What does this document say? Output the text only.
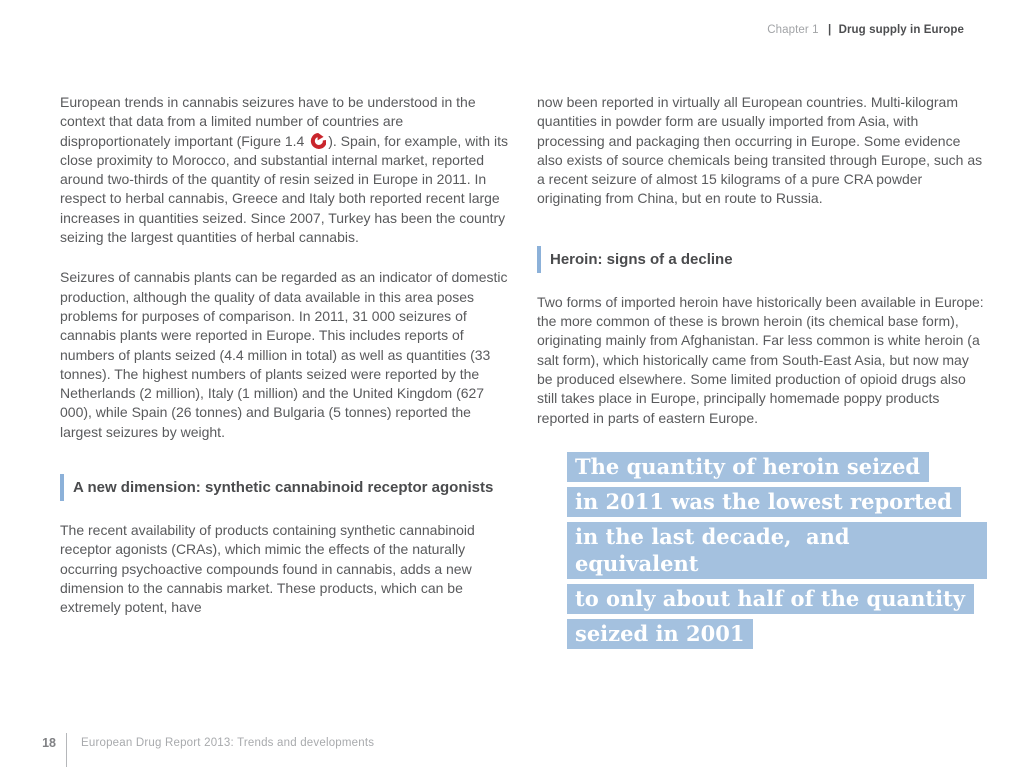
Chapter 1 | Drug supply in Europe

European trends in cannabis seizures have to be understood in the context that data from a limited number of countries are disproportionately important (Figure 1.4 ). Spain, for example, with its close proximity to Morocco, and substantial internal market, reported around two-thirds of the quantity of resin seized in Europe in 2011. In respect to herbal cannabis, Greece and Italy both reported recent large increases in quantities seized. Since 2007, Turkey has been the country seizing the largest quantities of herbal cannabis.

Seizures of cannabis plants can be regarded as an indicator of domestic production, although the quality of data available in this area poses problems for purposes of comparison. In 2011, 31 000 seizures of cannabis plants were reported in Europe. This includes reports of numbers of plants seized (4.4 million in total) as well as quantities (33 tonnes). The highest numbers of plants seized were reported by the Netherlands (2 million), Italy (1 million) and the United Kingdom (627 000), while Spain (26 tonnes) and Bulgaria (5 tonnes) reported the largest seizures by weight.

A new dimension: synthetic cannabinoid receptor agonists

The recent availability of products containing synthetic cannabinoid receptor agonists (CRAs), which mimic the effects of the naturally occurring psychoactive compounds found in cannabis, adds a new dimension to the cannabis market. These products, which can be extremely potent, have

now been reported in virtually all European countries. Multi-kilogram quantities in powder form are usually imported from Asia, with processing and packaging then occurring in Europe. Some evidence also exists of source chemicals being transited through Europe, such as a recent seizure of almost 15 kilograms of a pure CRA powder originating from China, but en route to Russia.

Heroin: signs of a decline

Two forms of imported heroin have historically been available in Europe: the more common of these is brown heroin (its chemical base form), originating mainly from Afghanistan. Far less common is white heroin (a salt form), which historically came from South-East Asia, but now may be produced elsewhere. Some limited production of opioid drugs also still takes place in Europe, principally homemade poppy products reported in parts of eastern Europe.

The quantity of heroin seized
in 2011 was the lowest reported
in the last decade,  and equivalent
to only about half of the quantity
seized in 2001
18 European Drug Report 2013: Trends and developments
